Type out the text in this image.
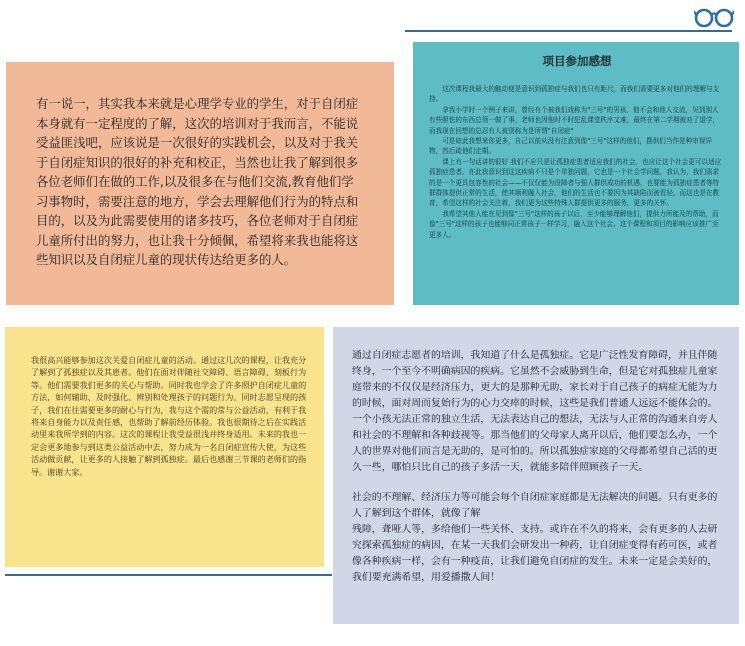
有一说一，其实我本来就是心理学专业的学生，对于自闭症本身就有一定程度的了解，这次的培训对于我而言，不能说受益匪浅吧，应该说是一次很好的实践机会，以及对于我关于自闭症知识的很好的补充和校正，当然也让我了解到很多各位老师们在做的工作,以及很多在与他们交流,教育他们学习事物时，需要注意的地方，学会去理解他们行为的特点和目的，以及为此需要使用的诸多技巧，各位老师对于自闭症儿童所付出的努力，也让我十分倾佩，希望将来我也能将这些知识以及自闭症儿童的现状传达给更多的人。

项目参加感想

这次课程我最大的触动便是意识到孤独症与我们也只有距尺，而我们需要更多对他们的理解与支持。

拿我小学时一个例子来讲，曾经有个被我们戏称为"三号"的男孩，他不会和他人交流，见到别人有些胆怯的东西总领一做了事，老师也因他时不时犯乱课堂秩序又难，最终在第二学期被劝了退学，而我现在回想的总忍有人被别称为是所谓"自闭症"

可是如此我想来你更多，自己以前从没有注意到像"三号"这样的他们，摆供们当作是种审视异物，然后疏他们走期。

课上有一句话讲的很好 我们不应只是让孤独症患者适应我们的社会，也应让这个社会更可以适应孤独症患者。亦此我意识到这这疾病不只是个单独问题，它也是一个社会学问题，我认为，我们需求的是一个更具包容性的社会——不仅仅能为没障者与强人群供成功的机遇，也要能为孤独症患者等特群群体提供正常的生活，使其顺利融入社会，他们的生活也不要因为其缺陷而被看轻，而这也是在教育，希望这样的社会关注着，我们更为这些特殊人群提供更多的服务，更多的关怀。

我希望其他人能在见到像"三号"这样的孩子以后，至少能够理解他们，提供力所能及的帮助，而像"三号"这样的孩子也能够同正常孩子一样学习，融入这个社会。这个课程和项目的影响应该推广至更多人。

我很高兴能够参加这次关爱自闭症儿童的活动。通过这几次的课程，让我充分了解到了孤独症以及其患者。他们在面对伴随社交障碍、语言障碍、刻板行为等。他们需要我们更多的关心与帮助。同时我也学会了许多照护自闭症儿童的方法，如何辅助、及时强化、辨别和处理孩子的问题行为。同时志愿呈现的孩子，我们在往需要更多的耐心与行为，我与这个需的常与公益活动，有利于我将来自身能力以及责任感，也帮助了解前经历体验。我也很期待之后在实践活动里来我所学到的内容。这次的课程让我受益很浅并终身适用。未来的我也一定会更多地参与到这类公益活动中去，努力成为一名自闭症宣传大使，为这些活动做贡献，让更多的人接触了解到孤独症。最后也感谢三节课的老师们的指导。谢谢大家。

通过自闭症志愿者的培训，我知道了什么是孤独症。它是广泛性发育障碍，并且伴随终身，一个至今不明确病因的疾病。它虽然不会威胁到生命，但是它对孤独症儿童家庭带来的不仅仅是经济压力，更大的是那种无助，家长对于自己孩子的病症无能为力的时候，面对周而复始行为的心力交瘁的时候，这些是我们普通人远远不能体会的。一个小孩无法正常的独立生活，无法表达自己的想法，无法与人正常的沟通来自旁人和社会的不理解和各种歧视等。那当他们的父母家人离开以后，他们要怎么办，一个人的世界对他们而言是无助的，是可怕的。所以孤独症家庭的父母都希望自己活的更久一些，哪怕只比自己的孩子多活一天，就能多陪伴照顾孩子一天。

社会的不理解、经济压力等可能会每个自闭症家庭都是无法解决的问题。只有更多的人了解到这个群体，就像了解

残障，聋哑人等，多给他们一些关怀、支持。或许在不久的将来，会有更多的人去研究探索孤独症的病因，在某一天我们会研发出一种药，让自闭症变得有药可医，或者像各种疾病一样，会有一种疫苗，让我们避免自闭症的发生。未来一定是会美好的，我们要充满希望，用爱播撒人间！
